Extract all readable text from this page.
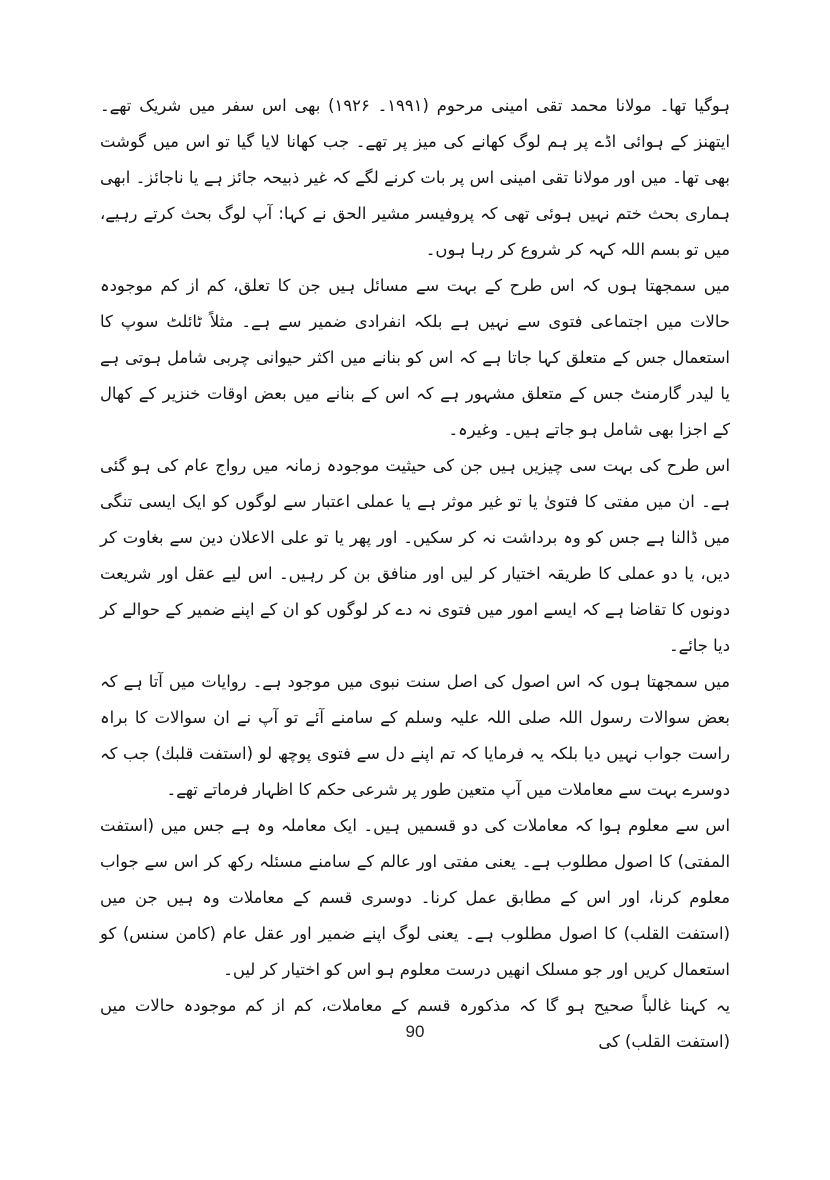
ہوگیا تھا۔ مولانا محمد تقی امینی مرحوم (۱۹۹۱۔ ۱۹۲۶) بھی اس سفر میں شریک تھے۔ ایتھنز کے ہوائی اڈے پر ہم لوگ کھانے کی میز پر تھے۔ جب کھانا لایا گیا تو اس میں گوشت بھی تھا۔ میں اور مولانا تقی امینی اس پر بات کرنے لگے کہ غیر ذبیحہ جائز ہے یا ناجائز۔ ابھی ہماری بحث ختم نہیں ہوئی تھی کہ پروفیسر مشیر الحق نے کہا: آپ لوگ بحث کرتے رہیے، میں تو بسم اللہ کہہ کر شروع کر رہا ہوں۔

میں سمجھتا ہوں کہ اس طرح کے بہت سے مسائل ہیں جن کا تعلق، کم از کم موجودہ حالات میں اجتماعی فتوی سے نہیں ہے بلکہ انفرادی ضمیر سے ہے۔ مثلاً ٹائلٹ سوپ کا استعمال جس کے متعلق کہا جاتا ہے کہ اس کو بنانے میں اکثر حیوانی چربی شامل ہوتی ہے یا لیدر گارمنٹ جس کے متعلق مشہور ہے کہ اس کے بنانے میں بعض اوقات خنزیر کے کھال کے اجزا بھی شامل ہو جاتے ہیں۔ وغیرہ۔

اس طرح کی بہت سی چیزیں ہیں جن کی حیثیت موجودہ زمانہ میں رواج عام کی ہو گئی ہے۔ ان میں مفتی کا فتویٰ یا تو غیر موثر ہے یا عملی اعتبار سے لوگوں کو ایک ایسی تنگی میں ڈالنا ہے جس کو وہ برداشت نہ کر سکیں۔ اور پھر یا تو علی الاعلان دین سے بغاوت کر دیں، یا دو عملی کا طریقہ اختیار کر لیں اور منافق بن کر رہیں۔ اس لیے عقل اور شریعت دونوں کا تقاضا ہے کہ ایسے امور میں فتوی نہ دے کر لوگوں کو ان کے اپنے ضمیر کے حوالے کر دیا جائے۔

میں سمجھتا ہوں کہ اس اصول کی اصل سنت نبوی میں موجود ہے۔ روایات میں آتا ہے کہ بعض سوالات رسول اللہ صلی اللہ علیہ وسلم کے سامنے آئے تو آپ نے ان سوالات کا براہ راست جواب نہیں دیا بلکہ یہ فرمایا کہ تم اپنے دل سے فتوی پوچھ لو (استفت قلبك) جب کہ دوسرے بہت سے معاملات میں آپ متعین طور پر شرعی حکم کا اظہار فرماتے تھے۔

اس سے معلوم ہوا کہ معاملات کی دو قسمیں ہیں۔ ایک معاملہ وہ ہے جس میں (استفت المفتی) کا اصول مطلوب ہے۔ یعنی مفتی اور عالم کے سامنے مسئلہ رکھ کر اس سے جواب معلوم کرنا، اور اس کے مطابق عمل کرنا۔ دوسری قسم کے معاملات وہ ہیں جن میں (استفت القلب) کا اصول مطلوب ہے۔ یعنی لوگ اپنے ضمیر اور عقل عام (کامن سنس) کو استعمال کریں اور جو مسلک انھیں درست معلوم ہو اس کو اختیار کر لیں۔

یہ کہنا غالباً صحیح ہو گا کہ مذکورہ قسم کے معاملات، کم از کم موجودہ حالات میں (استفت القلب) کی

90
